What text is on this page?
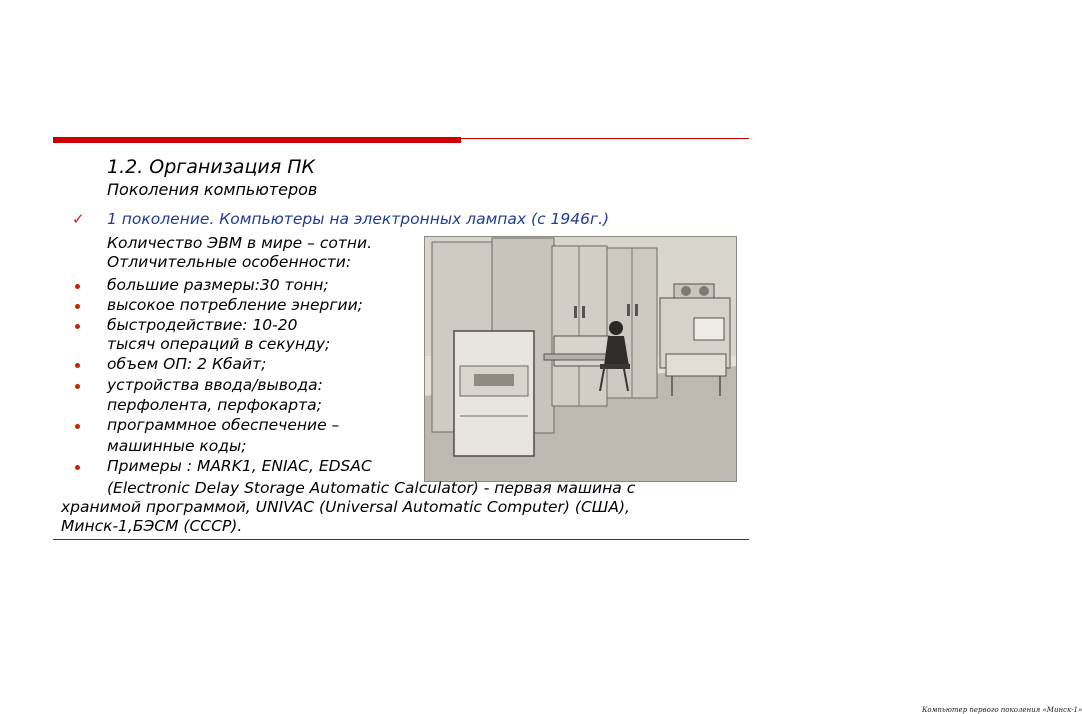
1.2. Организация ПК
Поколения компьютеров
Компьютер первого поколения «Минск-1»
✓ 1 поколение. Компьютеры на электронных лампах (с 1946г.)
Количество ЭВМ в мире – сотни.
Отличительные особенности:
большие размеры:30 тонн;
высокое потребление энергии;
быстродействие: 10-20
тысяч операций в секунду;
объем ОП: 2 Кбайт;
устройства ввода/вывода:
перфолента, перфокарта;
программное обеспечение –
машинные коды;
Примеры : MARK1, ENIAC, EDSAC
(Electronic Delay Storage Automatic Calculator) - первая машина с
хранимой программой, UNIVAC (Universal Automatic Computer) (США),
Минск-1,БЭСМ (СССР).
